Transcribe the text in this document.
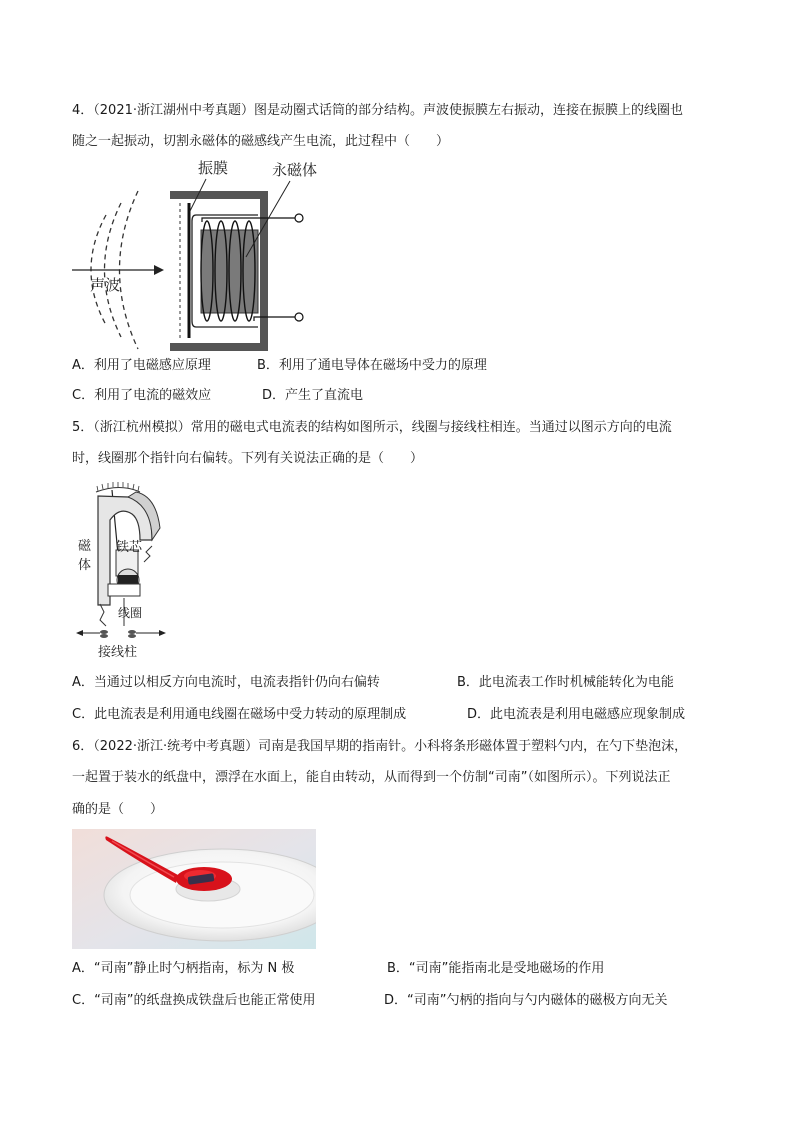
4．（2021·浙江湖州中考真题）图是动圈式话筒的部分结构。声波使振膜左右振动，连接在振膜上的线圈也
随之一起振动，切割永磁体的磁感线产生电流，此过程中（　　）
声波
振膜	永磁体
A．利用了电磁感应原理	B．利用了通电导体在磁场中受力的原理
C．利用了电流的磁效应	D．产生了直流电
5．（浙江杭州模拟）常用的磁电式电流表的结构如图所示，线圈与接线柱相连。当通过以图示方向的电流
时，线圈那个指针向右偏转。下列有关说法正确的是（　　）
磁
体
铁芯
线圈
接线柱
A．当通过以相反方向电流时，电流表指针仍向右偏转	B．此电流表工作时机械能转化为电能
C．此电流表是利用通电线圈在磁场中受力转动的原理制成	D．此电流表是利用电磁感应现象制成
6．（2022·浙江·统考中考真题）司南是我国早期的指南针。小科将条形磁体置于塑料勺内，在勺下垫泡沫，
一起置于装水的纸盘中，漂浮在水面上，能自由转动，从而得到一个仿制“司南”（如图所示）。下列说法正
确的是（　　）
A．“司南”静止时勺柄指南，标为 N 极	B．“司南”能指南北是受地磁场的作用
C．“司南”的纸盘换成铁盘后也能正常使用	D．“司南”勺柄的指向与勺内磁体的磁极方向无关
